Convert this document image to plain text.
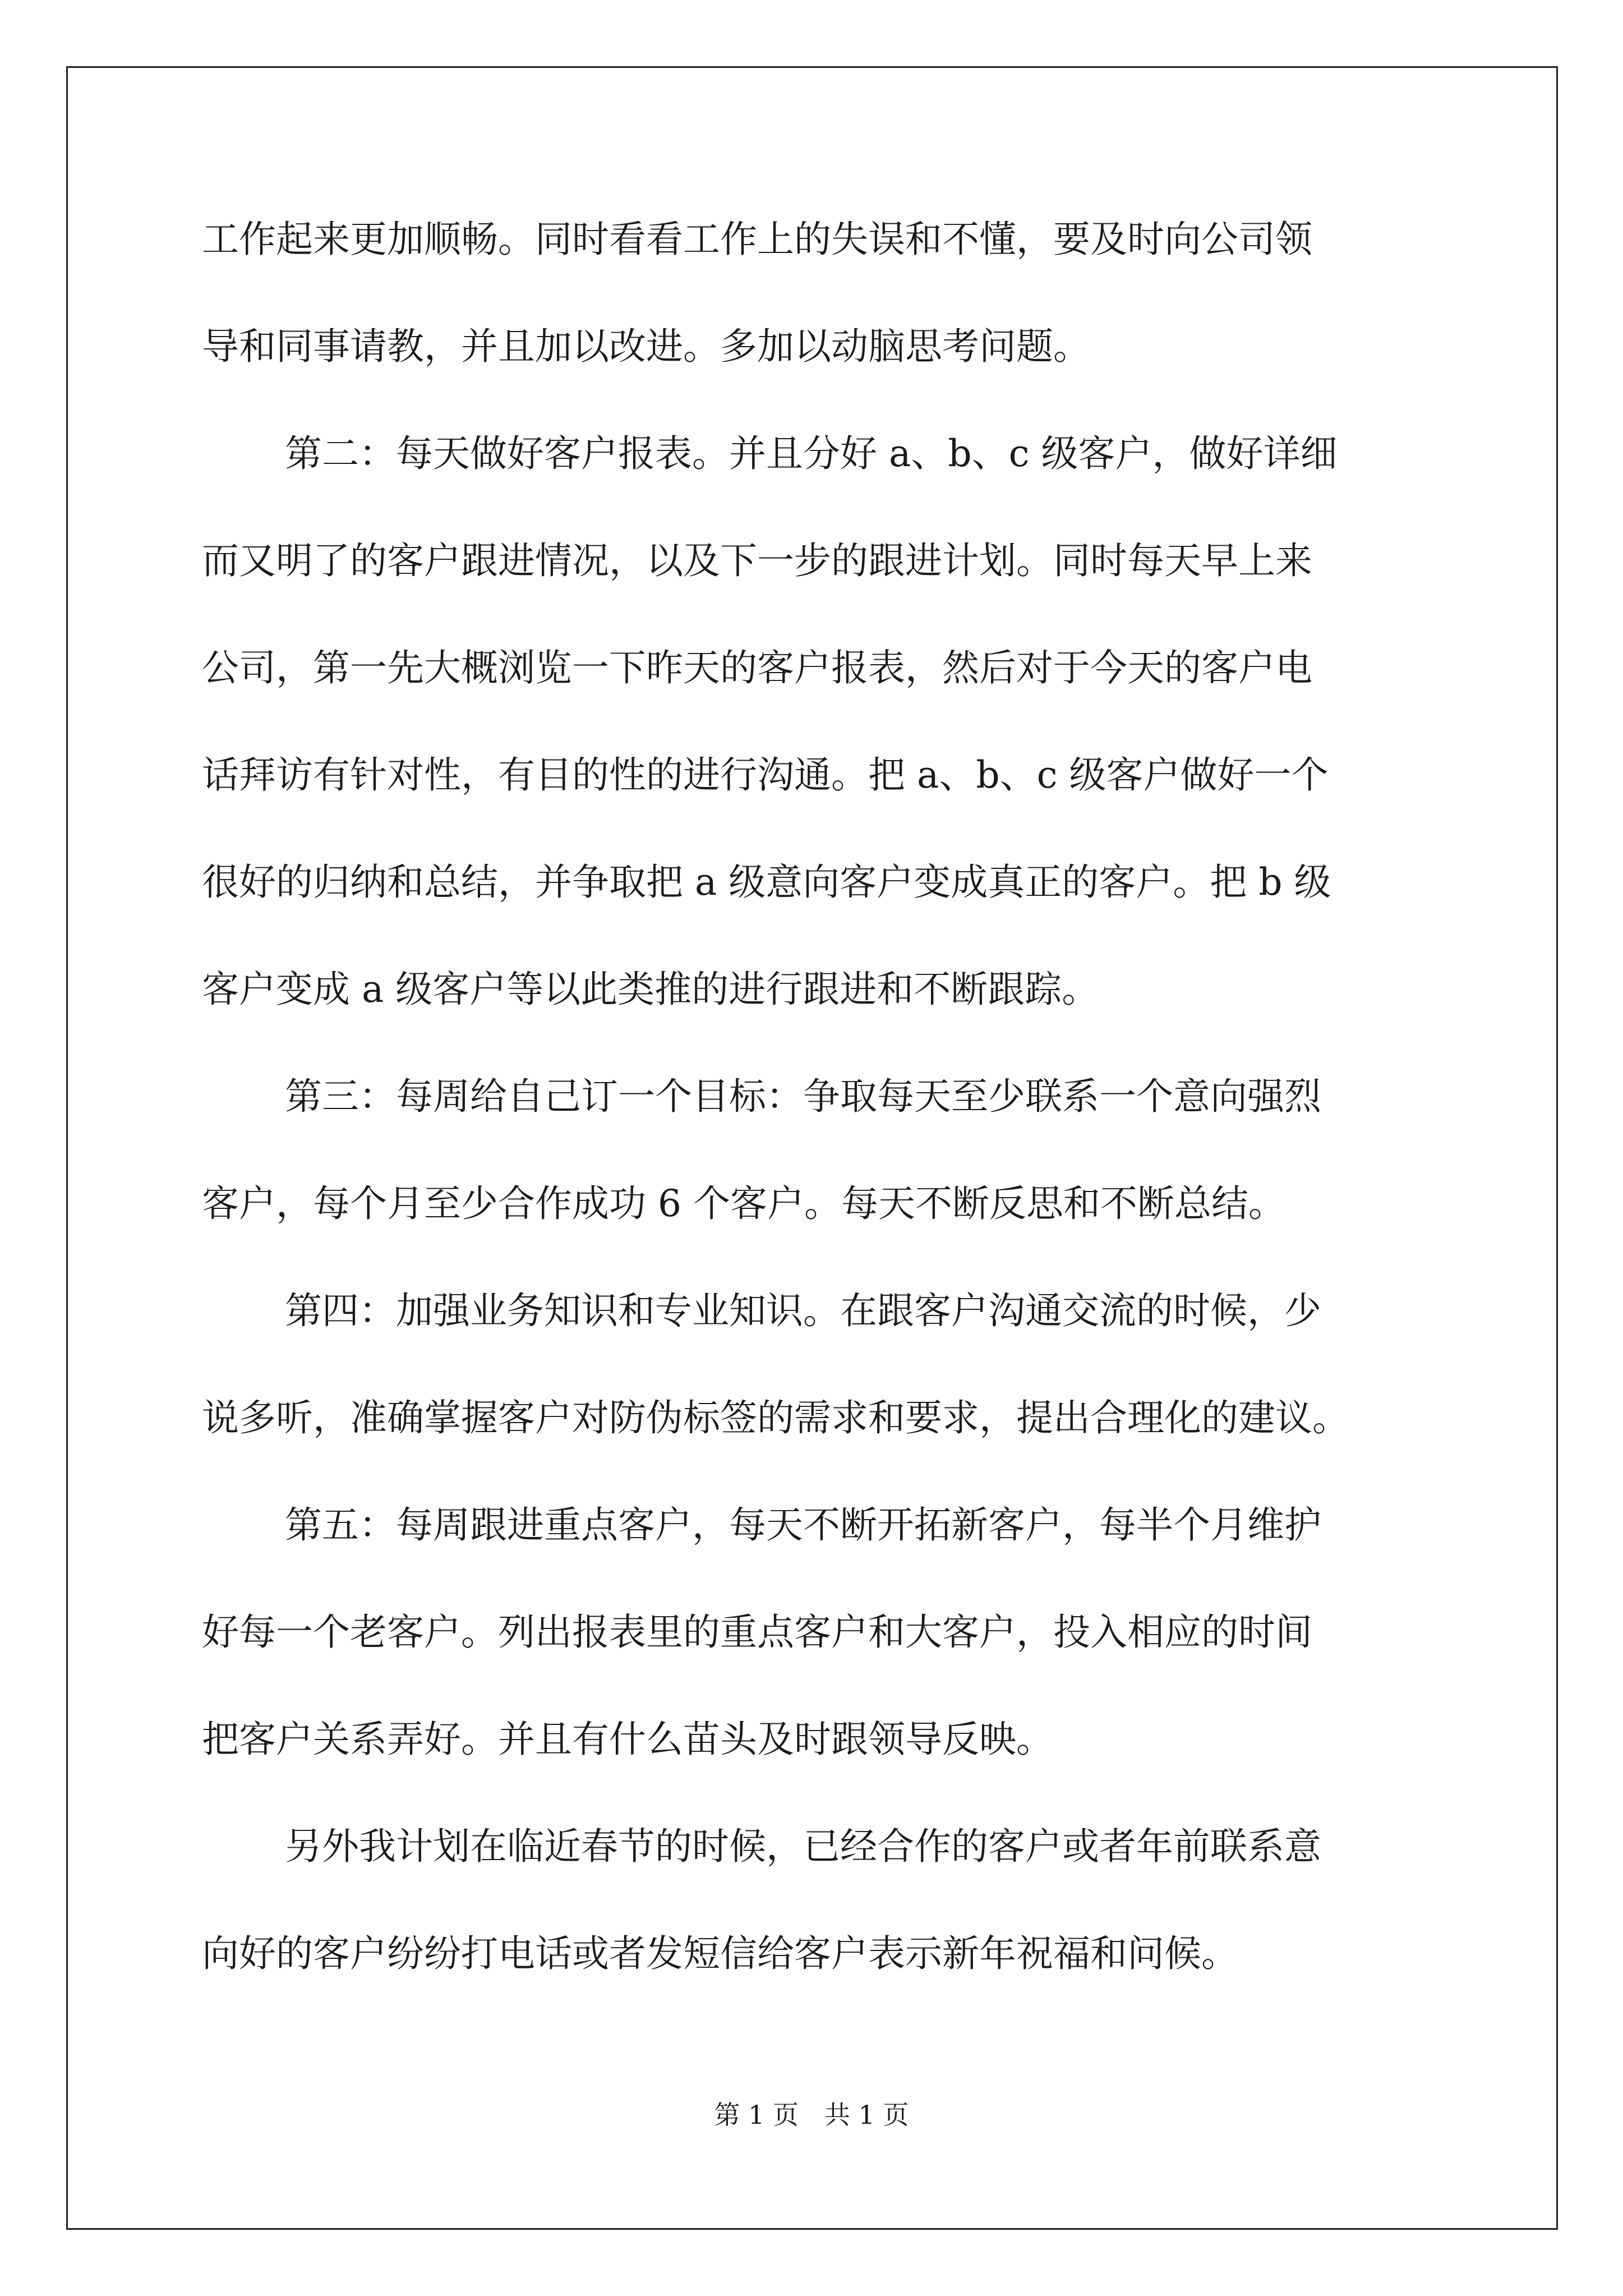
工作起来更加顺畅。同时看看工作上的失误和不懂，要及时向公司领
导和同事请教，并且加以改进。多加以动脑思考问题。
第二：每天做好客户报表。并且分好 a、b、c 级客户，做好详细
而又明了的客户跟进情况，以及下一步的跟进计划。同时每天早上来
公司，第一先大概浏览一下昨天的客户报表，然后对于今天的客户电
话拜访有针对性，有目的性的进行沟通。把 a、b、c 级客户做好一个
很好的归纳和总结，并争取把 a 级意向客户变成真正的客户。把 b 级
客户变成 a 级客户等以此类推的进行跟进和不断跟踪。
第三：每周给自己订一个目标：争取每天至少联系一个意向强烈
客户，每个月至少合作成功 6 个客户。每天不断反思和不断总结。
第四：加强业务知识和专业知识。在跟客户沟通交流的时候，少
说多听，准确掌握客户对防伪标签的需求和要求，提出合理化的建议。
第五：每周跟进重点客户，每天不断开拓新客户，每半个月维护
好每一个老客户。列出报表里的重点客户和大客户，投入相应的时间
把客户关系弄好。并且有什么苗头及时跟领导反映。
另外我计划在临近春节的时候，已经合作的客户或者年前联系意
向好的客户纷纷打电话或者发短信给客户表示新年祝福和问候。
第 1 页　共 1 页
